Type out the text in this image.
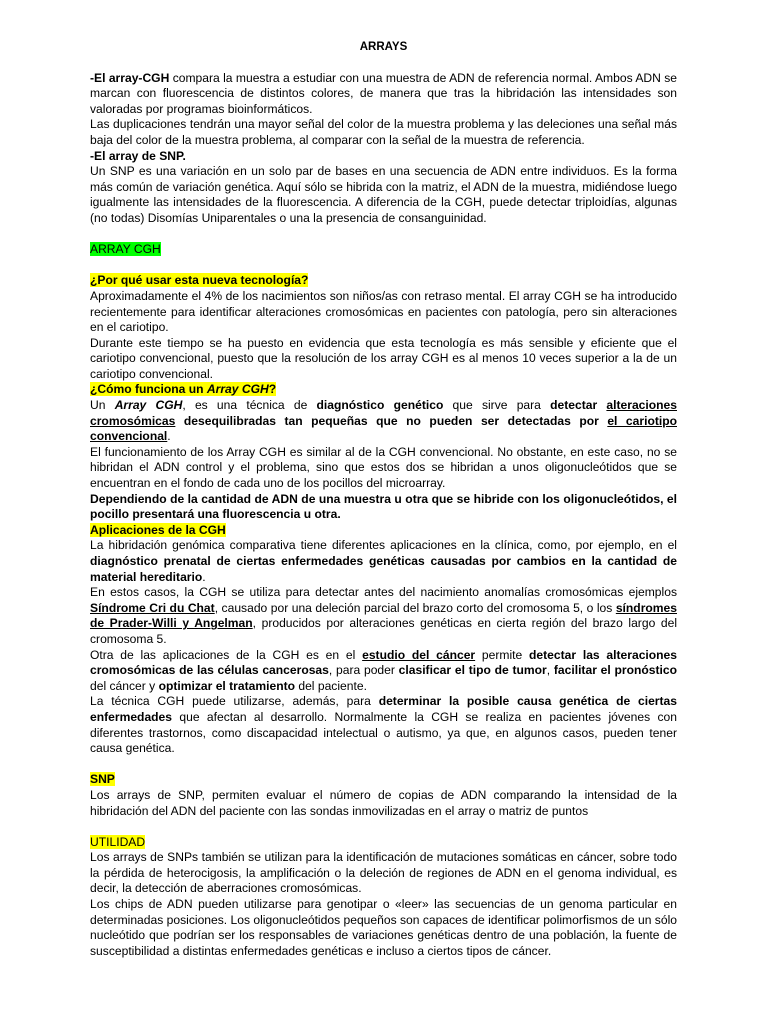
ARRAYS

-El array-CGH compara la muestra a estudiar con una muestra de ADN de referencia normal. Ambos ADN se marcan con fluorescencia de distintos colores, de manera que tras la hibridación las intensidades son valoradas por programas bioinformáticos.

Las duplicaciones tendrán una mayor señal del color de la muestra problema y las deleciones una señal más baja del color de la muestra problema, al comparar con la señal de la muestra de referencia.

-El array de SNP.

Un SNP es una variación en un solo par de bases en una secuencia de ADN entre individuos. Es la forma más común de variación genética. Aquí sólo se hibrida con la matriz, el ADN de la muestra, midiéndose luego igualmente las intensidades de la fluorescencia. A diferencia de la CGH, puede detectar triploidías, algunas (no todas) Disomías Uniparentales o una la presencia de consanguinidad.

ARRAY CGH

¿Por qué usar esta nueva tecnología?

Aproximadamente el 4% de los nacimientos son niños/as con retraso mental. El array CGH se ha introducido recientemente para identificar alteraciones cromosómicas en pacientes con patología, pero sin alteraciones en el cariotipo.

Durante este tiempo se ha puesto en evidencia que esta tecnología es más sensible y eficiente que el cariotipo convencional, puesto que la resolución de los array CGH es al menos 10 veces superior a la de un cariotipo convencional.

¿Cómo funciona un Array CGH?

Un Array CGH, es una técnica de diagnóstico genético que sirve para detectar alteraciones cromosómicas desequilibradas tan pequeñas que no pueden ser detectadas por el cariotipo convencional.

El funcionamiento de los Array CGH es similar al de la CGH convencional. No obstante, en este caso, no se hibridan el ADN control y el problema, sino que estos dos se hibridan a unos oligonucleótidos que se encuentran en el fondo de cada uno de los pocillos del microarray.

Dependiendo de la cantidad de ADN de una muestra u otra que se hibride con los oligonucleótidos, el pocillo presentará una fluorescencia u otra.

Aplicaciones de la CGH

La hibridación genómica comparativa tiene diferentes aplicaciones en la clínica, como, por ejemplo, en el diagnóstico prenatal de ciertas enfermedades genéticas causadas por cambios en la cantidad de material hereditario.

En estos casos, la CGH se utiliza para detectar antes del nacimiento anomalías cromosómicas ejemplos Síndrome Cri du Chat, causado por una deleción parcial del brazo corto del cromosoma 5, o los síndromes de Prader-Willi y Angelman, producidos por alteraciones genéticas en cierta región del brazo largo del cromosoma 5.

Otra de las aplicaciones de la CGH es en el estudio del cáncer permite detectar las alteraciones cromosómicas de las células cancerosas, para poder clasificar el tipo de tumor, facilitar el pronóstico del cáncer y optimizar el tratamiento del paciente.

La técnica CGH puede utilizarse, además, para determinar la posible causa genética de ciertas enfermedades que afectan al desarrollo. Normalmente la CGH se realiza en pacientes jóvenes con diferentes trastornos, como discapacidad intelectual o autismo, ya que, en algunos casos, pueden tener causa genética.

SNP

Los arrays de SNP, permiten evaluar el número de copias de ADN comparando la intensidad de la hibridación del ADN del paciente con las sondas inmovilizadas en el array o matriz de puntos

UTILIDAD

Los arrays de SNPs también se utilizan para la identificación de mutaciones somáticas en cáncer, sobre todo la pérdida de heterocigosis, la amplificación o la deleción de regiones de ADN en el genoma individual, es decir, la detección de aberraciones cromosómicas.

Los chips de ADN pueden utilizarse para genotipar o «leer» las secuencias de un genoma particular en determinadas posiciones. Los oligonucleótidos pequeños son capaces de identificar polimorfismos de un sólo nucleótido que podrían ser los responsables de variaciones genéticas dentro de una población, la fuente de susceptibilidad a distintas enfermedades genéticas e incluso a ciertos tipos de cáncer.
